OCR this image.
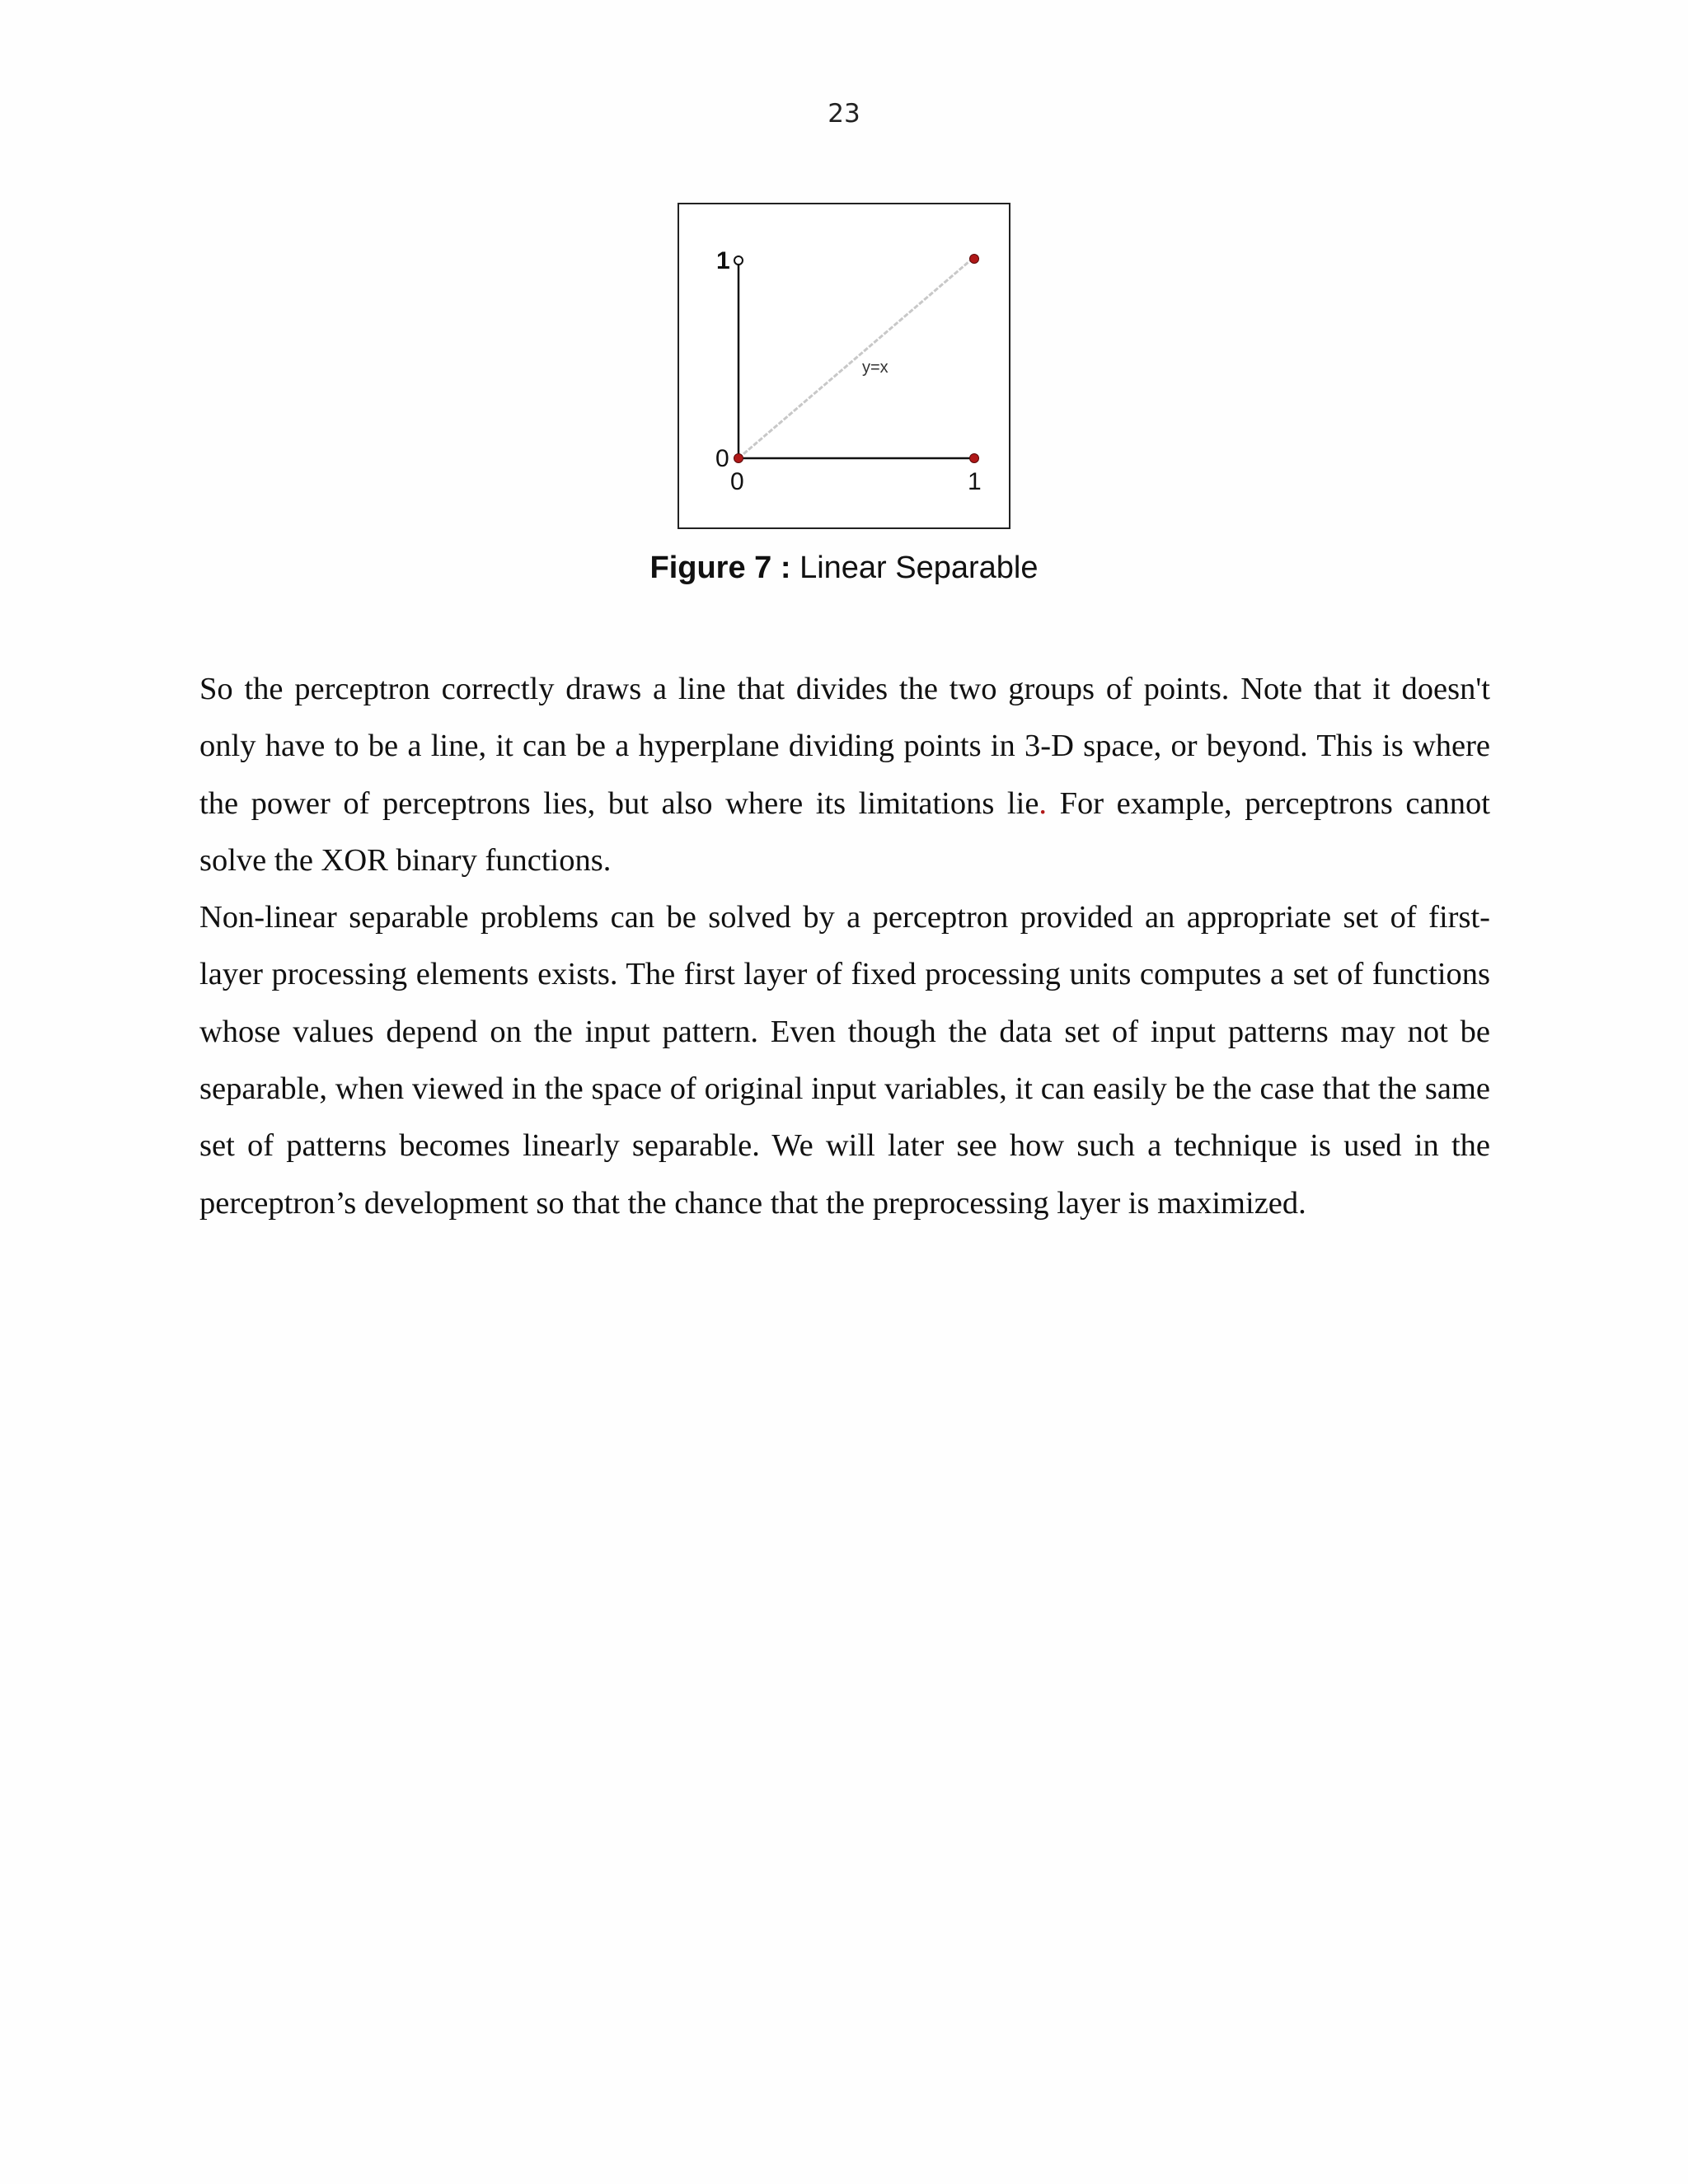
23
1
0
0	1
y=x
Figure 7 : Linear Separable

So the perceptron correctly draws a line that divides the two groups of points. Note that it doesn't only have to be a line, it can be a hyperplane dividing points in 3-D space, or beyond. This is where the power of perceptrons lies, but also where its limitations lie. For example, perceptrons cannot solve the XOR binary functions.

Non-linear separable problems can be solved by a perceptron provided an appropriate set of first-layer processing elements exists. The first layer of fixed processing units computes a set of functions whose values depend on the input pattern. Even though the data set of input patterns may not be separable, when viewed in the space of original input variables, it can easily be the case that the same set of patterns becomes linearly separable. We will later see how such a technique is used in the perceptron’s development so that the chance that the preprocessing layer is maximized.
